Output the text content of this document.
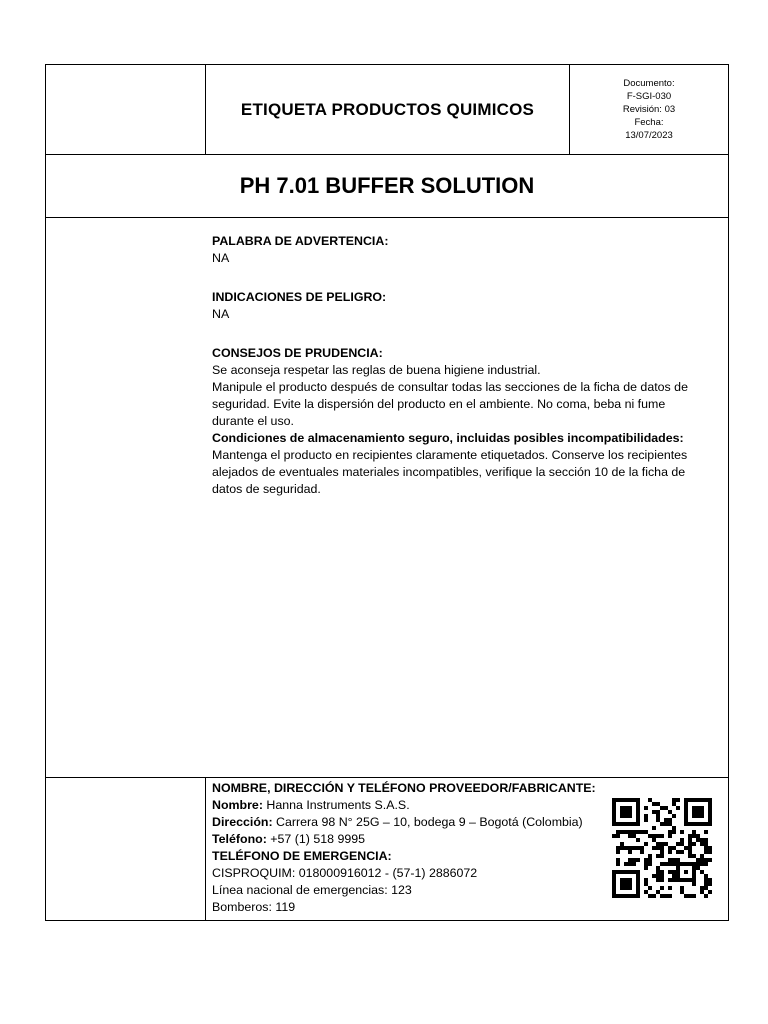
ETIQUETA PRODUCTOS QUIMICOS
Documento:
F-SGI-030
Revisión: 03
Fecha:
13/07/2023
PH 7.01 BUFFER SOLUTION
PALABRA DE ADVERTENCIA:
NA
INDICACIONES DE PELIGRO:
NA
CONSEJOS DE PRUDENCIA:
Se aconseja respetar las reglas de buena higiene industrial.
Manipule el producto después de consultar todas las secciones de la ficha de datos de
seguridad. Evite la dispersión del producto en el ambiente. No coma, beba ni fume
durante el uso.
Condiciones de almacenamiento seguro, incluidas posibles incompatibilidades:
Mantenga el producto en recipientes claramente etiquetados. Conserve los recipientes
alejados de eventuales materiales incompatibles, verifique la sección 10 de la ficha de
datos de seguridad.
NOMBRE, DIRECCIÓN Y TELÉFONO PROVEEDOR/FABRICANTE:
Nombre: Hanna Instruments S.A.S.
Dirección: Carrera 98 N° 25G – 10, bodega 9 – Bogotá (Colombia)
Teléfono: +57 (1) 518 9995
TELÉFONO DE EMERGENCIA:
CISPROQUIM: 018000916012 - (57-1) 2886072
Línea nacional de emergencias: 123
Bomberos: 119
